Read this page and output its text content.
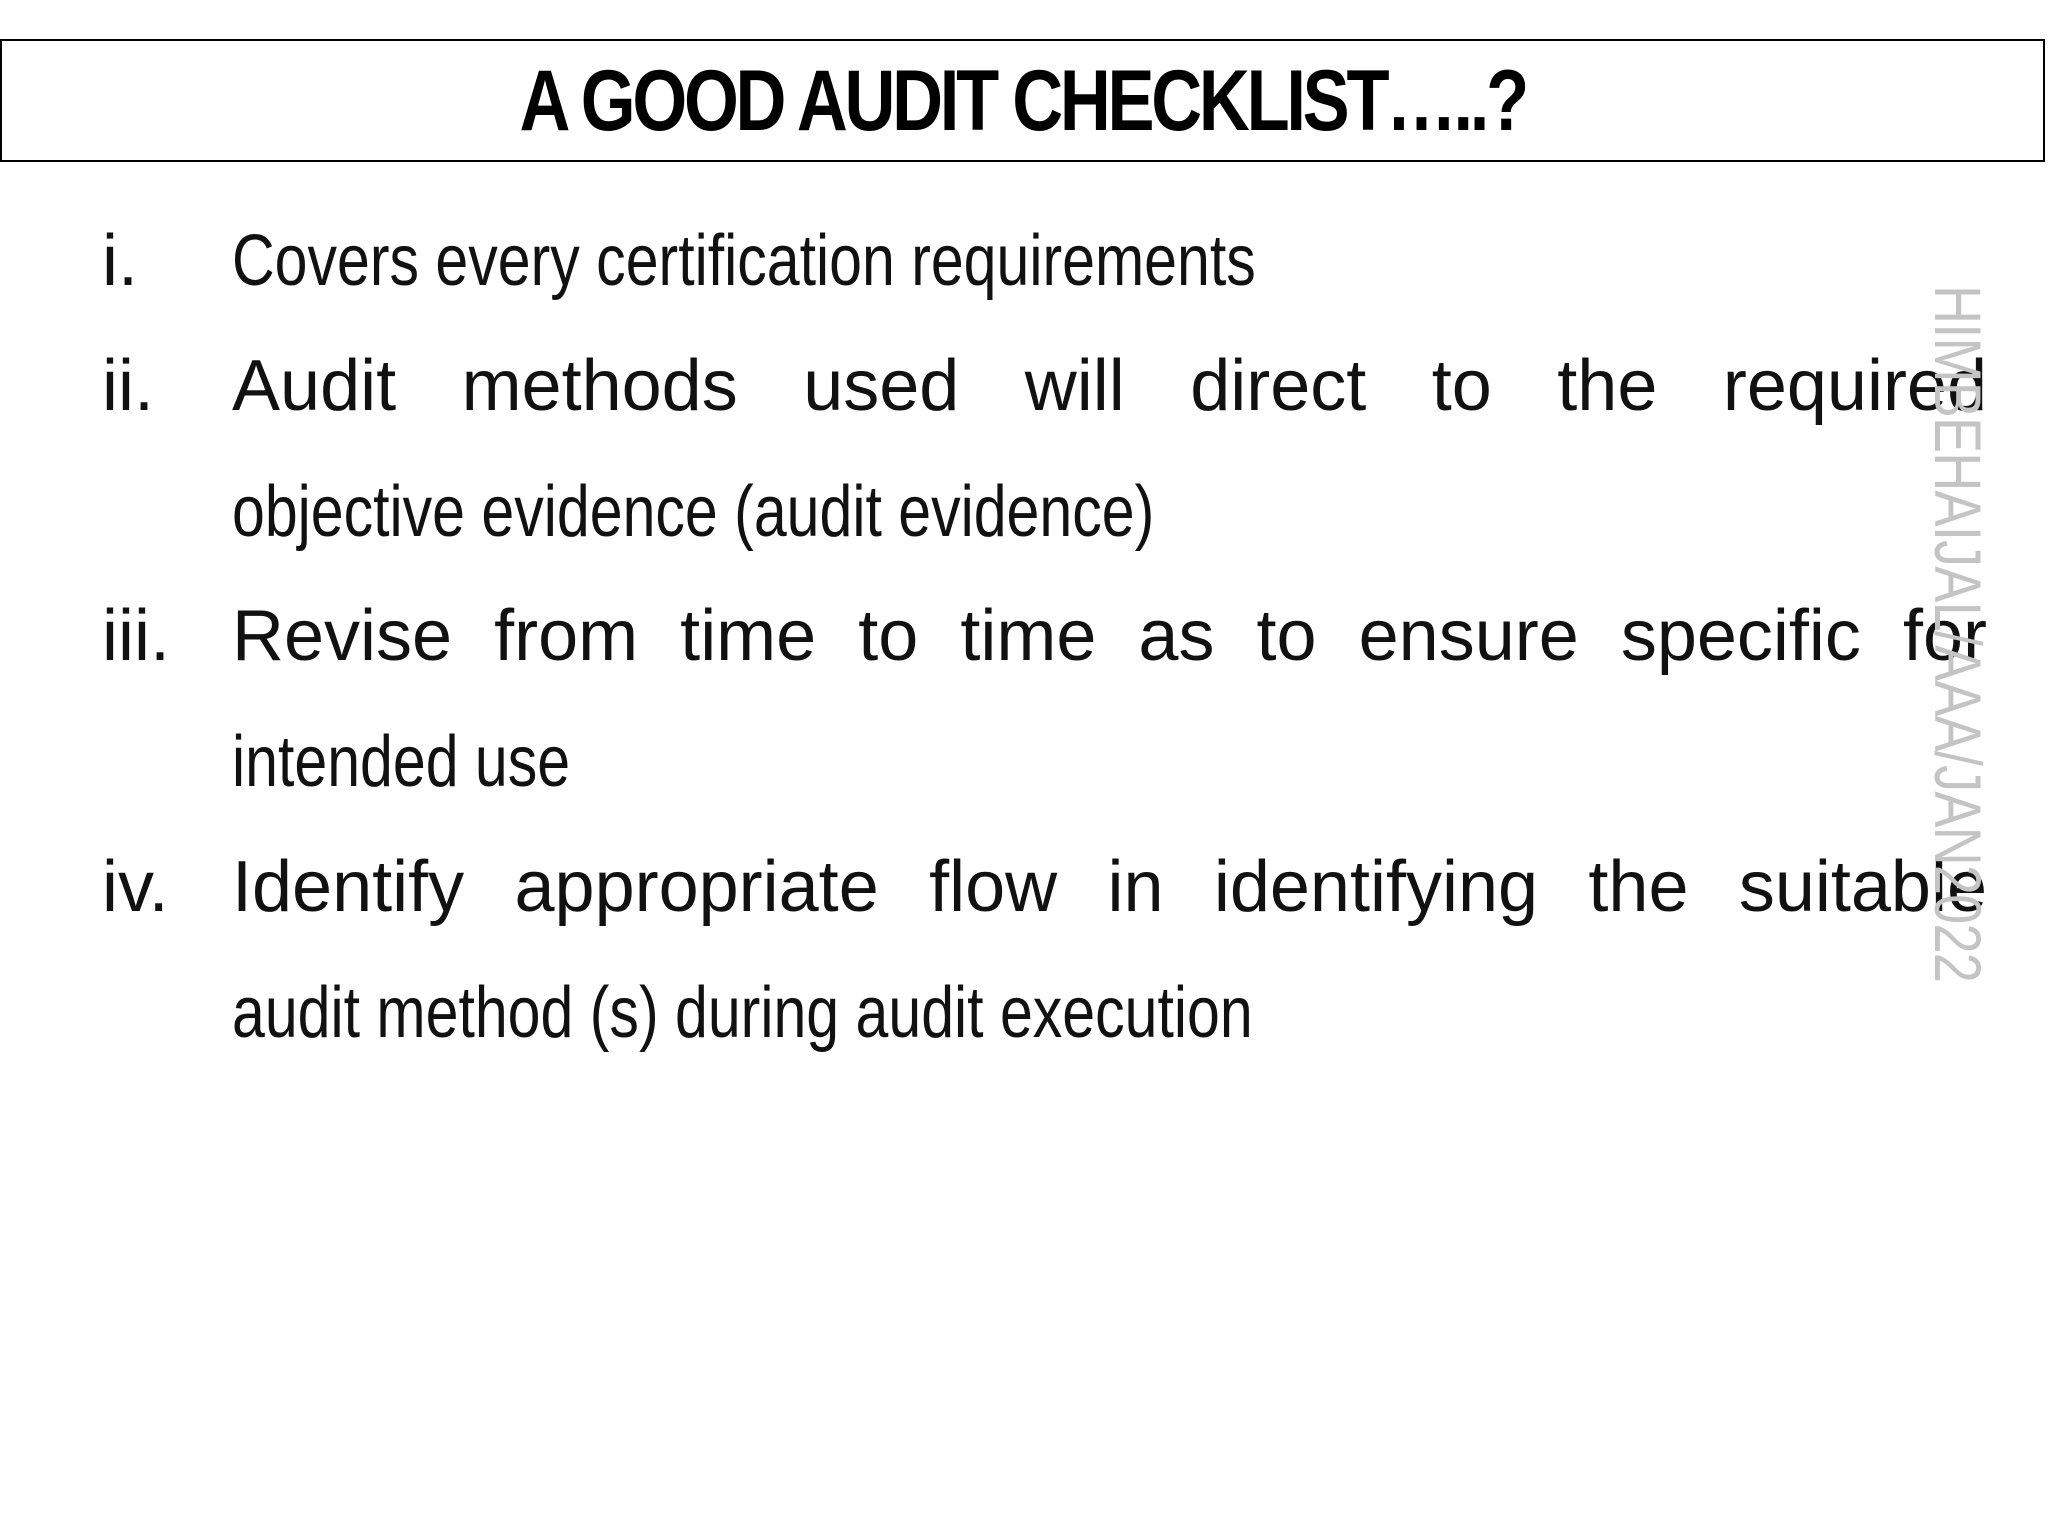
A GOOD AUDIT CHECKLIST…..?
i. Covers every certification requirements
ii. Audit methods used will direct to the required
objective evidence (audit evidence)
iii. Revise from time to time as to ensure specific for
intended use
iv. Identify appropriate flow in identifying the suitable
audit method (s) during audit execution
HIMBEHAIJAL/AAA/JAN2022
